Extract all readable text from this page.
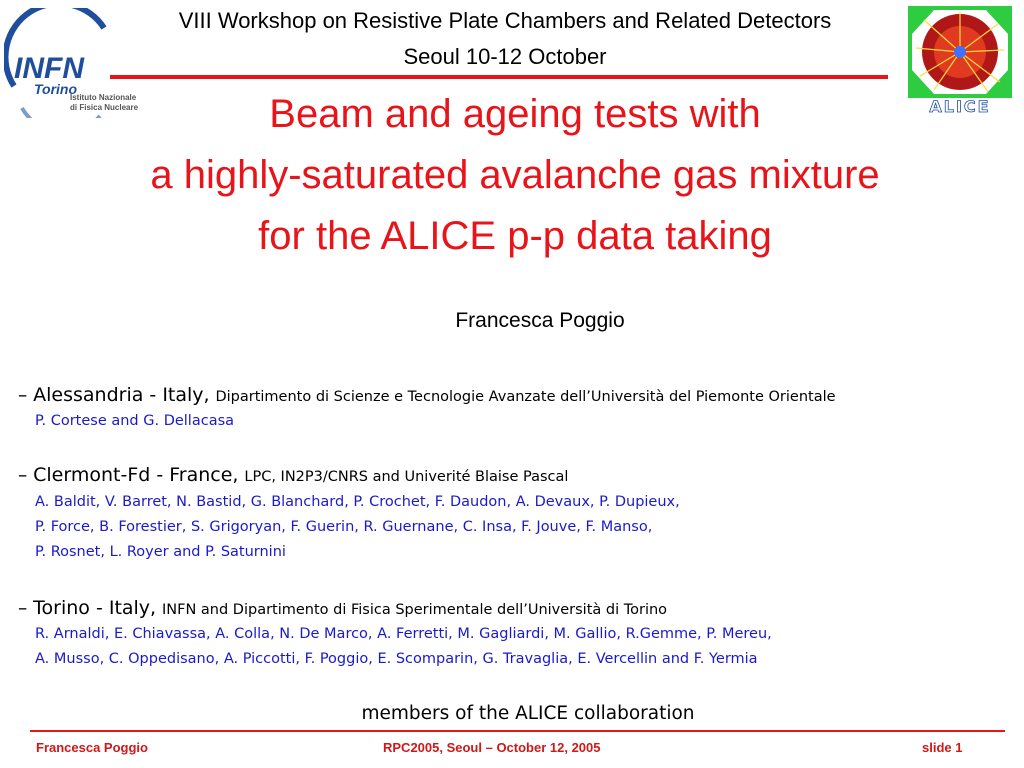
INFN
Torino
Istituto Nazionale
di Fisica Nucleare	ALICE
VIII Workshop on Resistive Plate Chambers and Related Detectors
Seoul 10-12 October
Beam and ageing tests with
a highly-saturated avalanche gas mixture
for the ALICE p-p data taking
Francesca Poggio
– Alessandria - Italy, Dipartimento di Scienze e Tecnologie Avanzate dell’Università del Piemonte Orientale
P. Cortese and G. Dellacasa
– Clermont-Fd - France, LPC, IN2P3/CNRS and Univerité Blaise Pascal
A. Baldit, V. Barret, N. Bastid, G. Blanchard, P. Crochet, F. Daudon, A. Devaux, P. Dupieux,
P. Force, B. Forestier, S. Grigoryan, F. Guerin, R. Guernane, C. Insa, F. Jouve, F. Manso,
P. Rosnet, L. Royer and P. Saturnini
– Torino - Italy, INFN and Dipartimento di Fisica Sperimentale dell’Università di Torino
R. Arnaldi, E. Chiavassa, A. Colla, N. De Marco, A. Ferretti, M. Gagliardi, M. Gallio, R.Gemme, P. Mereu,
A. Musso, C. Oppedisano, A. Piccotti, F. Poggio, E. Scomparin, G. Travaglia, E. Vercellin and F. Yermia
members of the ALICE collaboration
Francesca Poggio	RPC2005, Seoul – October 12, 2005	slide 1
